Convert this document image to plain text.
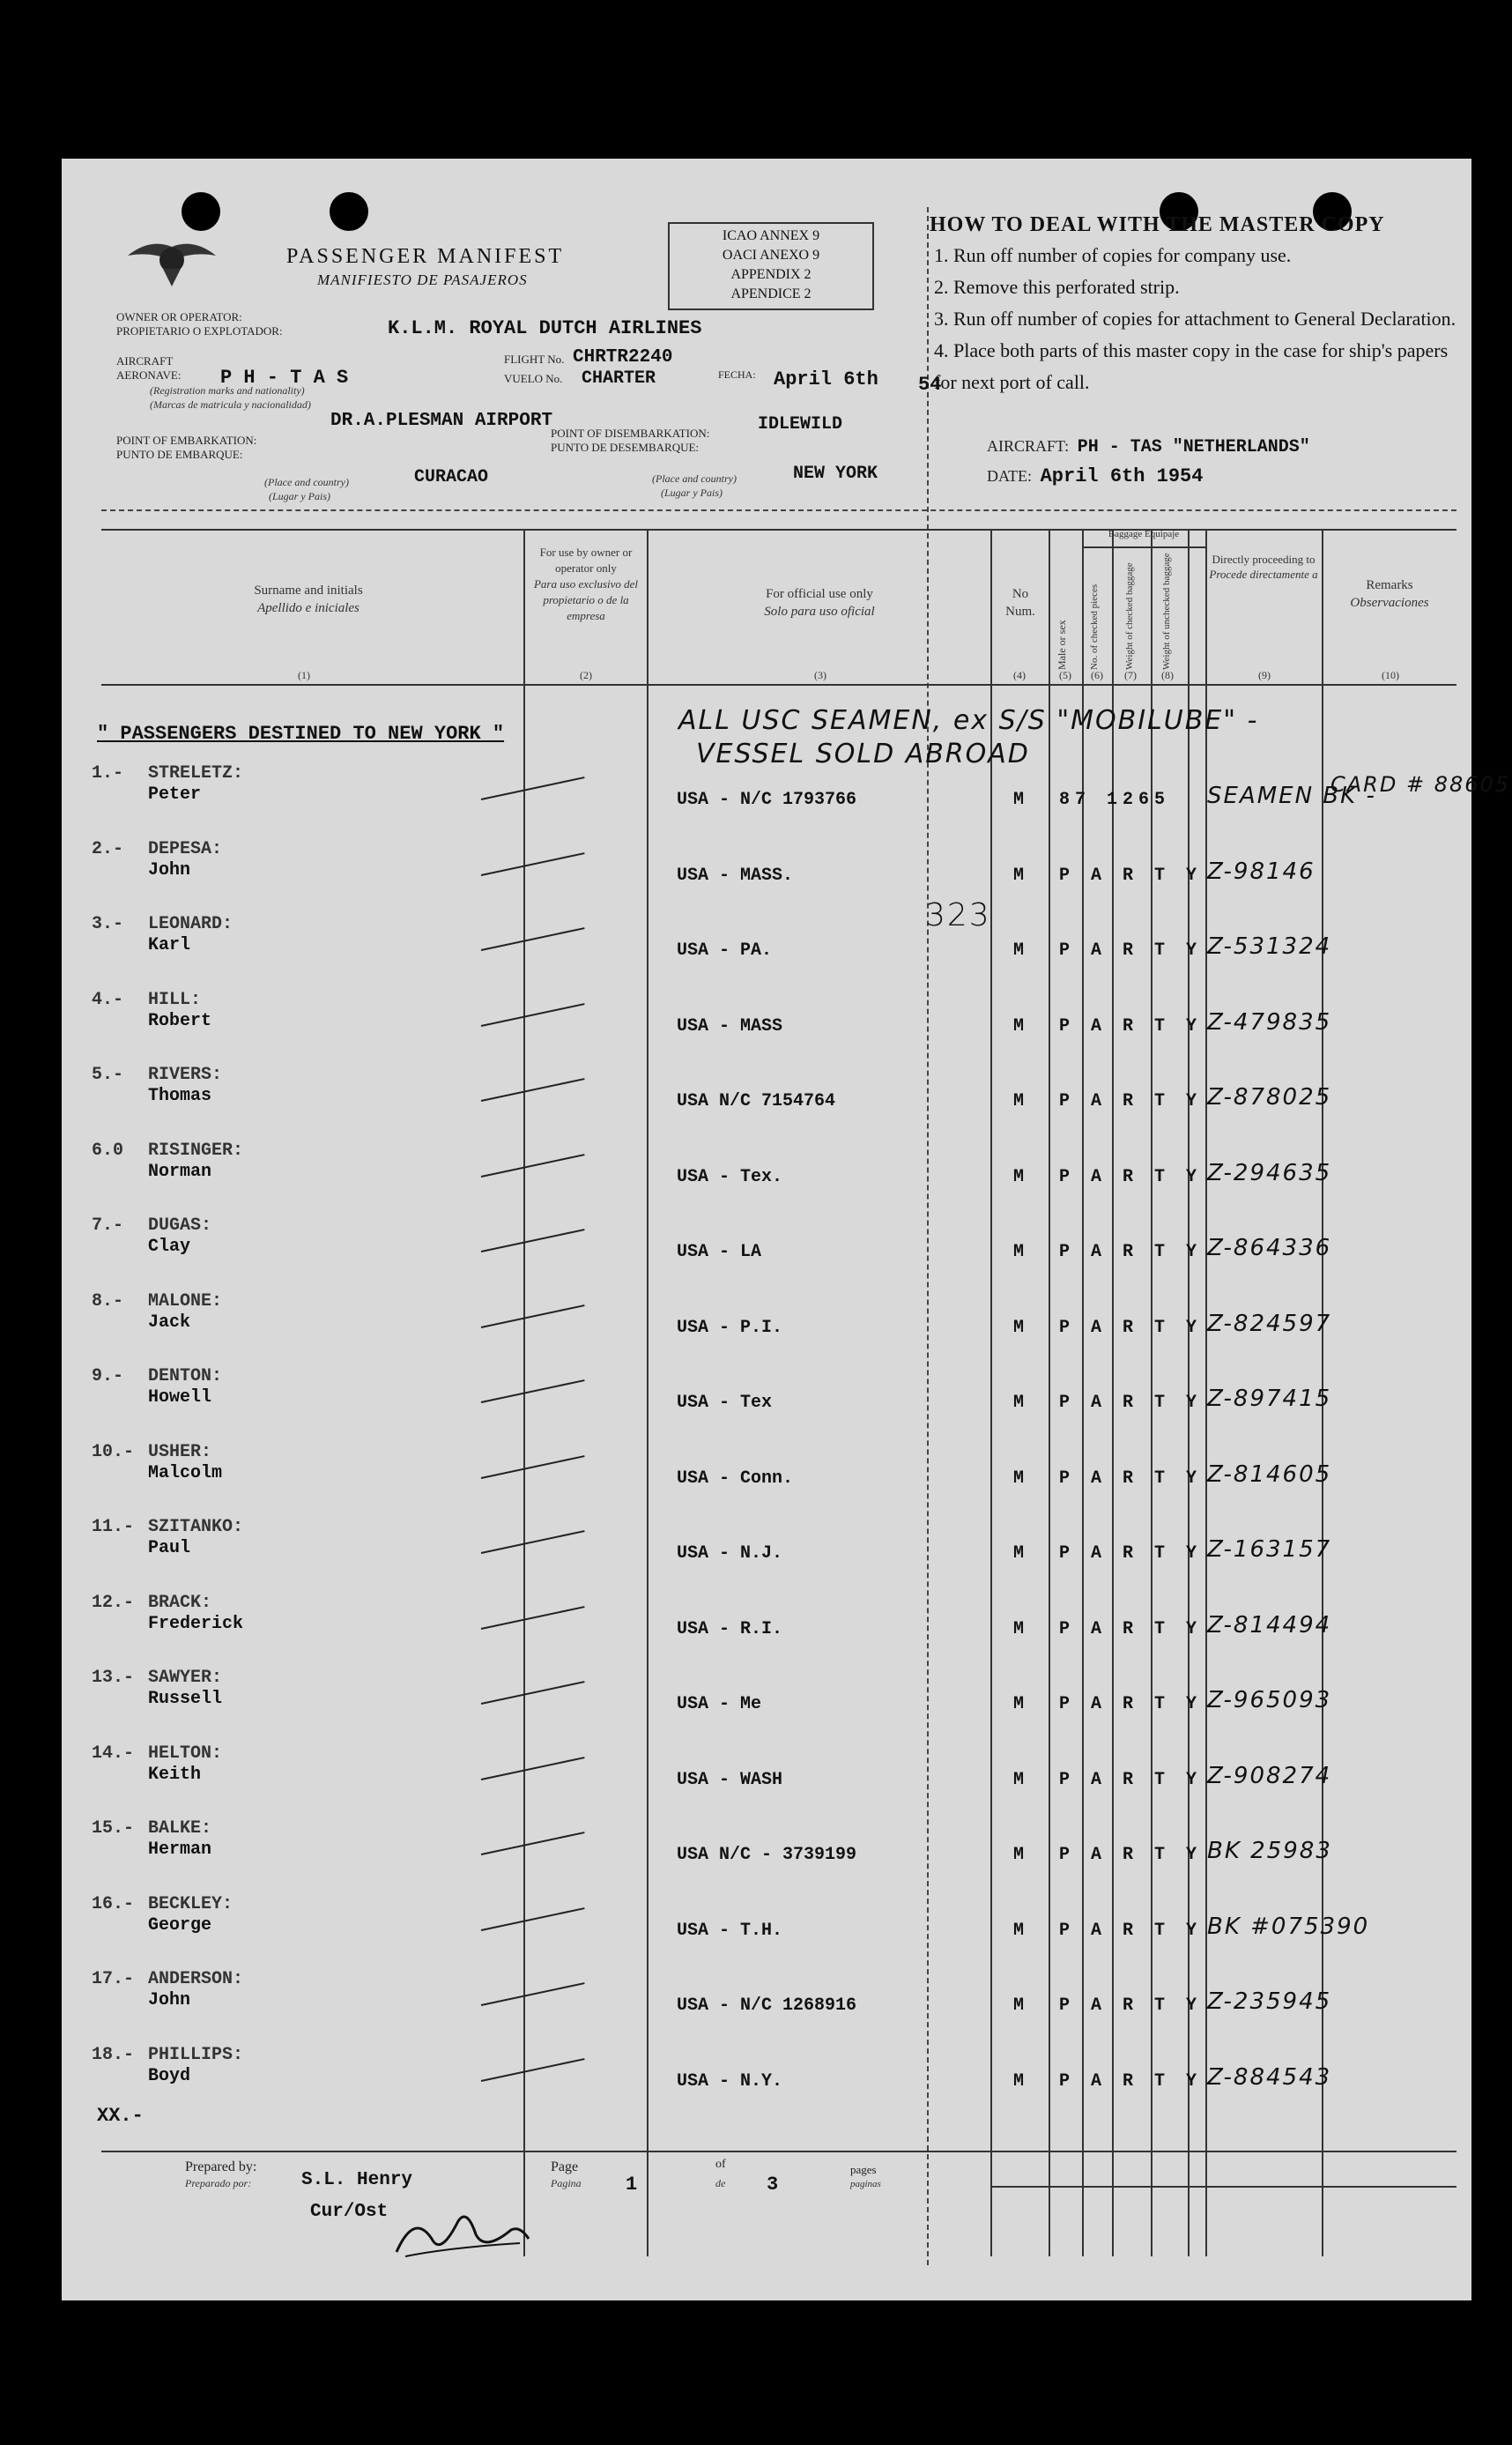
PASSENGER MANIFEST
MANIFIESTO DE PASAJEROS
ICAO ANNEX 9
OACI ANEXO 9
APPENDIX 2
APENDICE 2
HOW TO DEAL WITH THE MASTER COPY
1. Run off number of copies for company use.
2. Remove this perforated strip.
3. Run off number of copies for attachment to General Declaration.
4. Place both parts of this master copy in the case for ship's papers for next port of call.
AIRCRAFT: PH - TAS "NETHERLANDS"
DATE: April 6th 1954
OWNER OR OPERATOR:
PROPIETARIO O EXPLOTADOR:	K.L.M. ROYAL DUTCH AIRLINES
AIRCRAFT
AERONAVE: P H - T A S
(Registration marks and nationality)
(Marcas de matricula y nacionalidad)
FLIGHT No. CHRTR2240
VUELO No. CHARTER	FECHA: April 6th 54
DR.A.PLESMAN AIRPORT
POINT OF EMBARKATION:
PUNTO DE EMBARQUE:
CURACAO
(Place and country)
(Lugar y Pais)
POINT OF DISEMBARKATION:
PUNTO DE DESEMBARQUE:
IDLEWILD
NEW YORK
(Place and country)
(Lugar y Pais)
Surname and initials
Apellido e iniciales
For use by owner or operator only
Para uso exclusivo del propietario o de la empresa
For official use only
Solo para uso oficial
No
Num.
Male or sex
Baggage Equipaje
No. of checked pieces	Weight of checked baggage	Weight of unchecked baggage	Directly proceeding to
Procede directamente a
Remarks
Observaciones
(1)	(2)	(3)	(4)	(5)	(6)	(7)	(8)	(9)	(10)
" PASSENGERS DESTINED TO NEW YORK "	ALL USC SEAMEN, ex S/S "MOBILUBE" -
VESSEL SOLD ABROAD
323
1.- STRELETZ:
Peter	USA - N/C 1793766	M 87 1265 SEAMEN BK -
CARD # 88605
2.- DEPESA:
John	USA - MASS.	M P A R T Y Z-98146
3.- LEONARD:
Karl	USA - PA.	M P A R T Y Z-531324
4.- HILL:
Robert	USA - MASS	M P A R T Y Z-479835
5.- RIVERS:
Thomas	USA N/C 7154764	M P A R T Y Z-878025
6.0 RISINGER:
Norman	USA - Tex.	M P A R T Y Z-294635
7.- DUGAS:
Clay	USA - LA	M P A R T Y Z-864336
8.- MALONE:
Jack	USA - P.I.	M P A R T Y Z-824597
9.- DENTON:
Howell	USA - Tex	M P A R T Y Z-897415
10.- USHER:
Malcolm	USA - Conn.	M P A R T Y Z-814605
11.- SZITANKO:
Paul	USA - N.J.	M P A R T Y Z-163157
12.- BRACK:
Frederick	USA - R.I.	M P A R T Y Z-814494
13.- SAWYER:
Russell	USA - Me	M P A R T Y Z-965093
14.- HELTON:
Keith	USA - WASH	M P A R T Y Z-908274
15.- BALKE:
Herman	USA N/C - 3739199	M P A R T Y BK 25983
16.- BECKLEY:
George	USA - T.H.	M P A R T Y BK #075390
17.- ANDERSON:
John	USA - N/C 1268916	M P A R T Y Z-235945
18.- PHILLIPS:
Boyd	USA - N.Y.	M P A R T Y Z-884543
XX.-
Prepared by:
Preparado por:	S.L. Henry
Cur/Ost
Page
Pagina 1
of
de 3
pages
paginas
